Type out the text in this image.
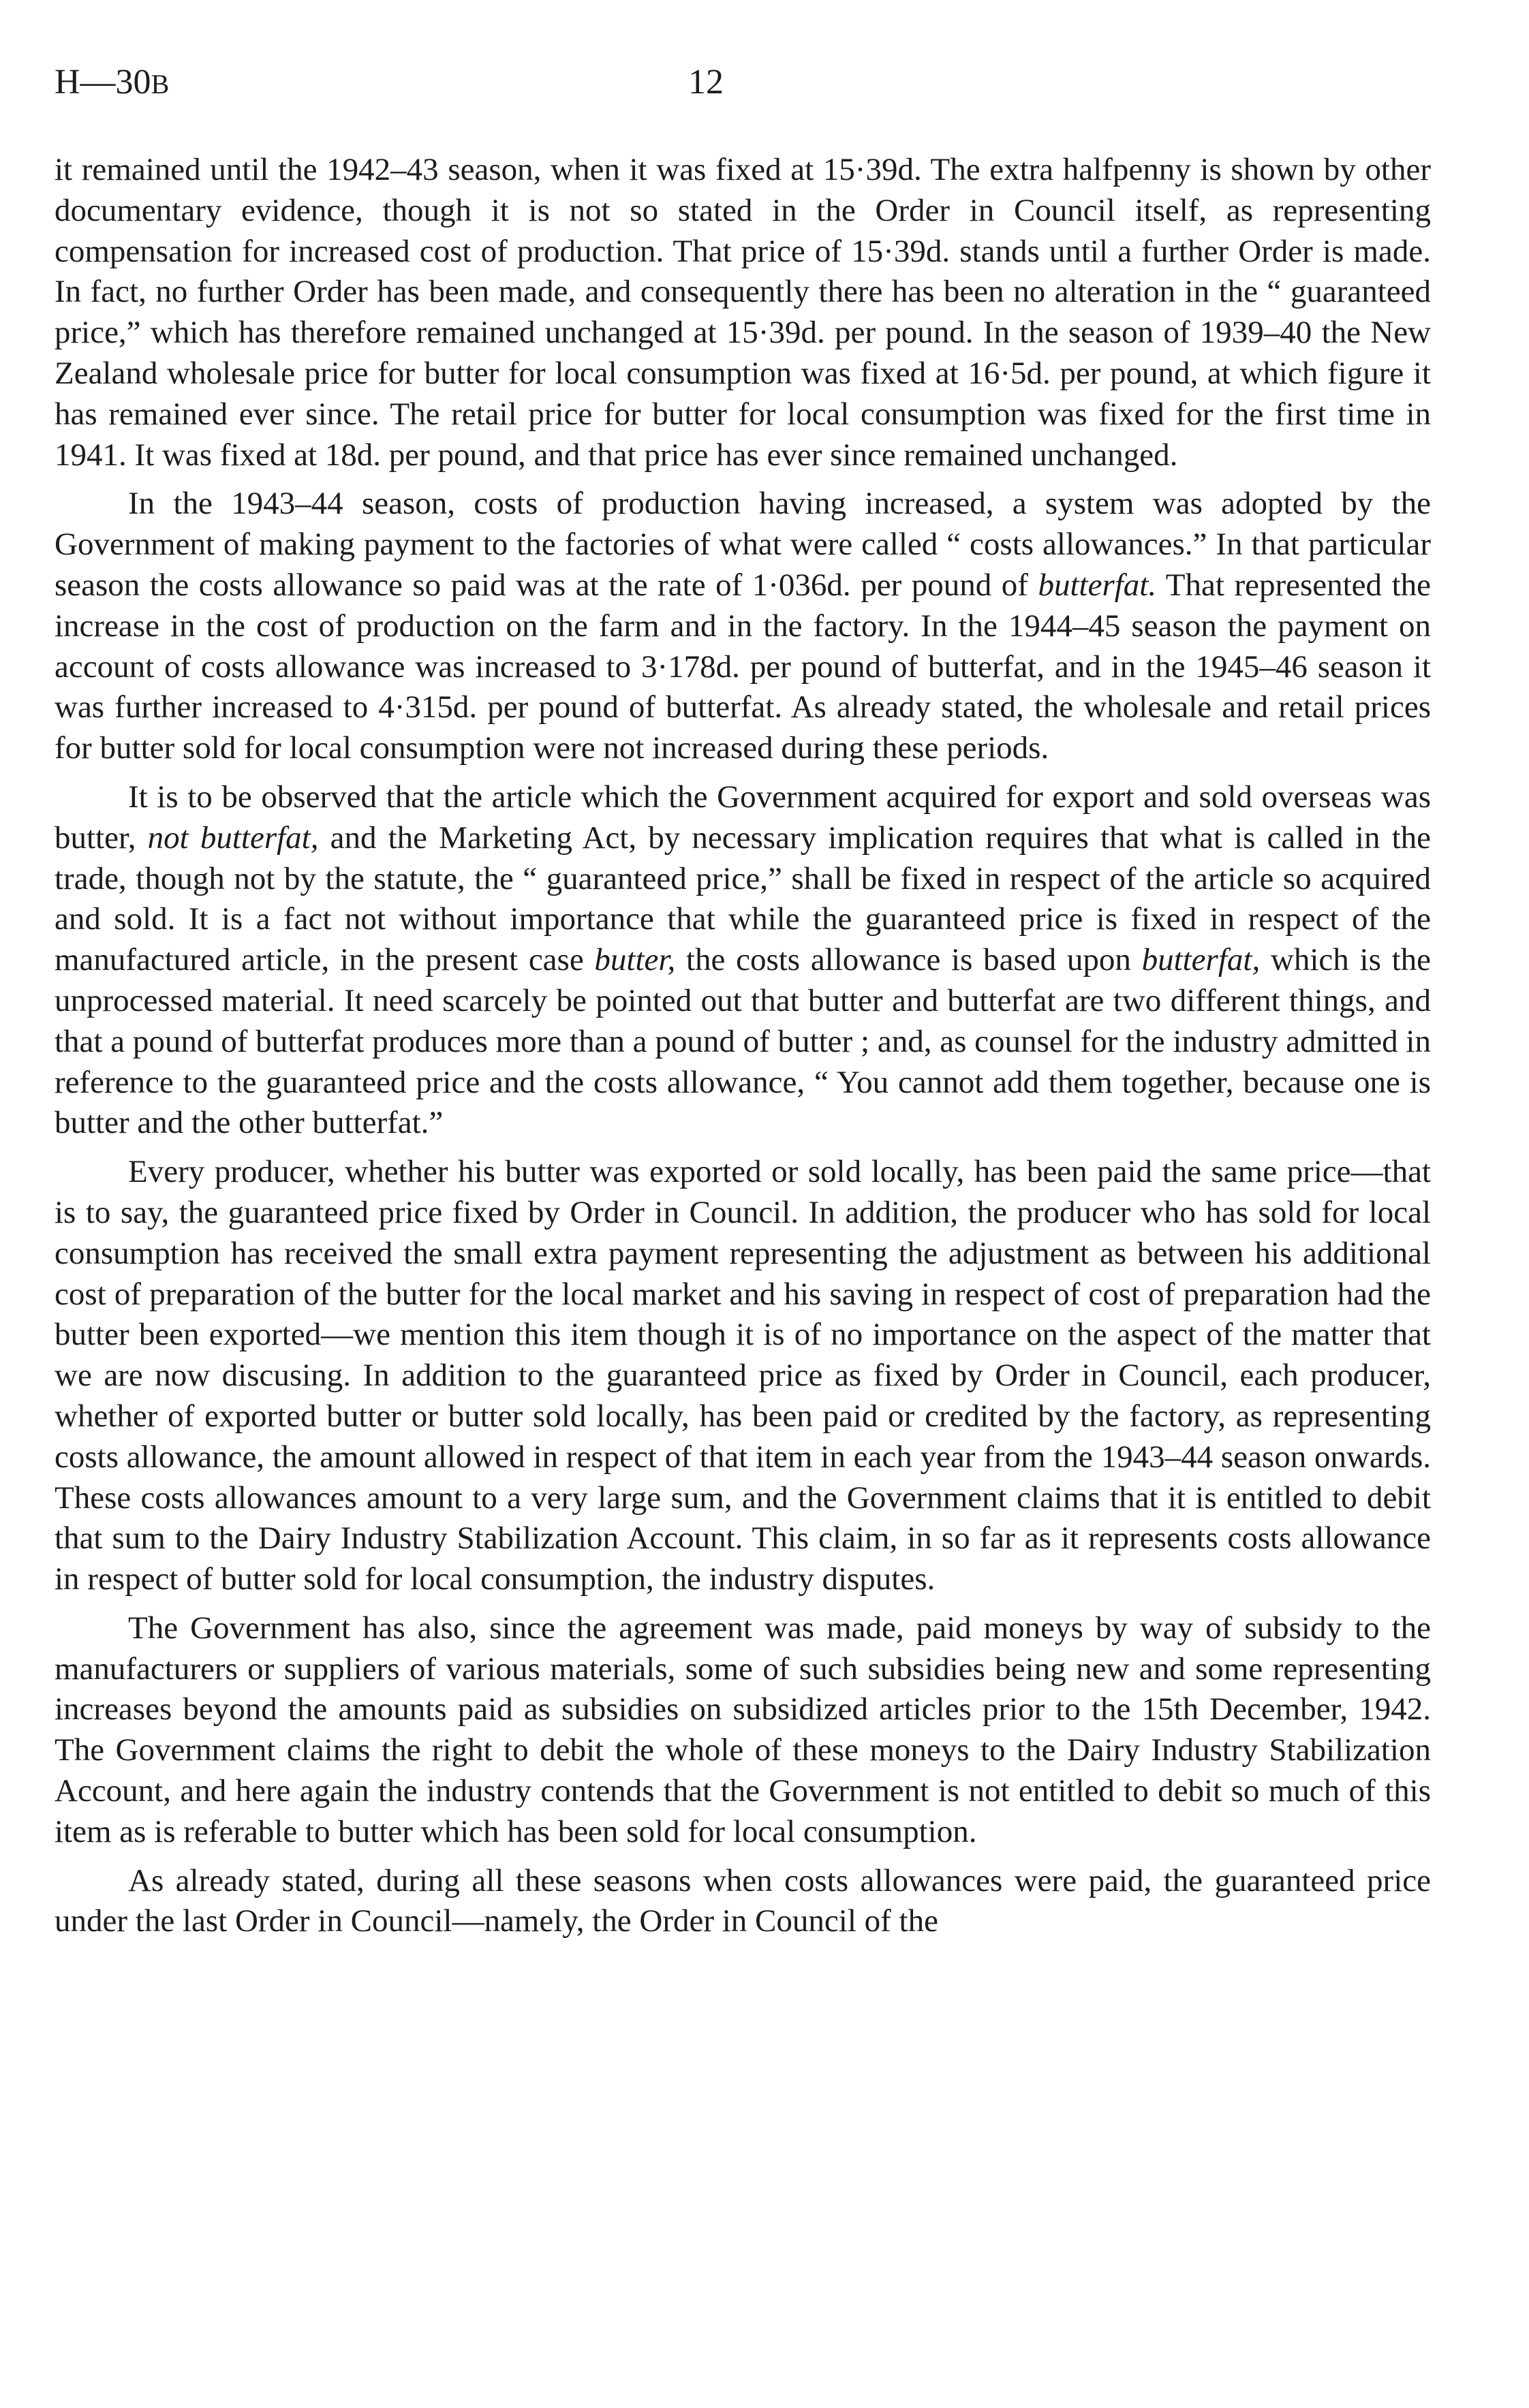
H—30B	12

it remained until the 1942–43 season, when it was fixed at 15·39d. The extra halfpenny is shown by other documentary evidence, though it is not so stated in the Order in Council itself, as representing compensation for increased cost of production. That price of 15·39d. stands until a further Order is made. In fact, no further Order has been made, and consequently there has been no alteration in the “ guaranteed price,” which has therefore remained unchanged at 15·39d. per pound. In the season of 1939–40 the New Zealand wholesale price for butter for local consumption was fixed at 16·5d. per pound, at which figure it has remained ever since. The retail price for butter for local consumption was fixed for the first time in 1941. It was fixed at 18d. per pound, and that price has ever since remained unchanged.

In the 1943–44 season, costs of production having increased, a system was adopted by the Government of making payment to the factories of what were called “ costs allowances.” In that particular season the costs allowance so paid was at the rate of 1·036d. per pound of butterfat. That represented the increase in the cost of production on the farm and in the factory. In the 1944–45 season the payment on account of costs allowance was increased to 3·178d. per pound of butterfat, and in the 1945–46 season it was further increased to 4·315d. per pound of butterfat. As already stated, the wholesale and retail prices for butter sold for local consumption were not increased during these periods.

It is to be observed that the article which the Government acquired for export and sold overseas was butter, not butterfat, and the Marketing Act, by necessary implication requires that what is called in the trade, though not by the statute, the “ guaranteed price,” shall be fixed in respect of the article so acquired and sold. It is a fact not without importance that while the guaranteed price is fixed in respect of the manufactured article, in the present case butter, the costs allowance is based upon butterfat, which is the unprocessed material. It need scarcely be pointed out that butter and butterfat are two different things, and that a pound of butterfat produces more than a pound of butter ; and, as counsel for the industry admitted in reference to the guaranteed price and the costs allowance, “ You cannot add them together, because one is butter and the other butterfat.”

Every producer, whether his butter was exported or sold locally, has been paid the same price—that is to say, the guaranteed price fixed by Order in Council. In addition, the producer who has sold for local consumption has received the small extra payment representing the adjustment as between his additional cost of preparation of the butter for the local market and his saving in respect of cost of preparation had the butter been exported—we mention this item though it is of no importance on the aspect of the matter that we are now discusing. In addition to the guaranteed price as fixed by Order in Council, each producer, whether of exported butter or butter sold locally, has been paid or credited by the factory, as representing costs allowance, the amount allowed in respect of that item in each year from the 1943–44 season onwards. These costs allowances amount to a very large sum, and the Government claims that it is entitled to debit that sum to the Dairy Industry Stabilization Account. This claim, in so far as it represents costs allowance in respect of butter sold for local consumption, the industry disputes.

The Government has also, since the agreement was made, paid moneys by way of subsidy to the manufacturers or suppliers of various materials, some of such subsidies being new and some representing increases beyond the amounts paid as subsidies on subsidized articles prior to the 15th December, 1942. The Government claims the right to debit the whole of these moneys to the Dairy Industry Stabilization Account, and here again the industry contends that the Government is not entitled to debit so much of this item as is referable to butter which has been sold for local consumption.

As already stated, during all these seasons when costs allowances were paid, the guaranteed price under the last Order in Council—namely, the Order in Council of the
